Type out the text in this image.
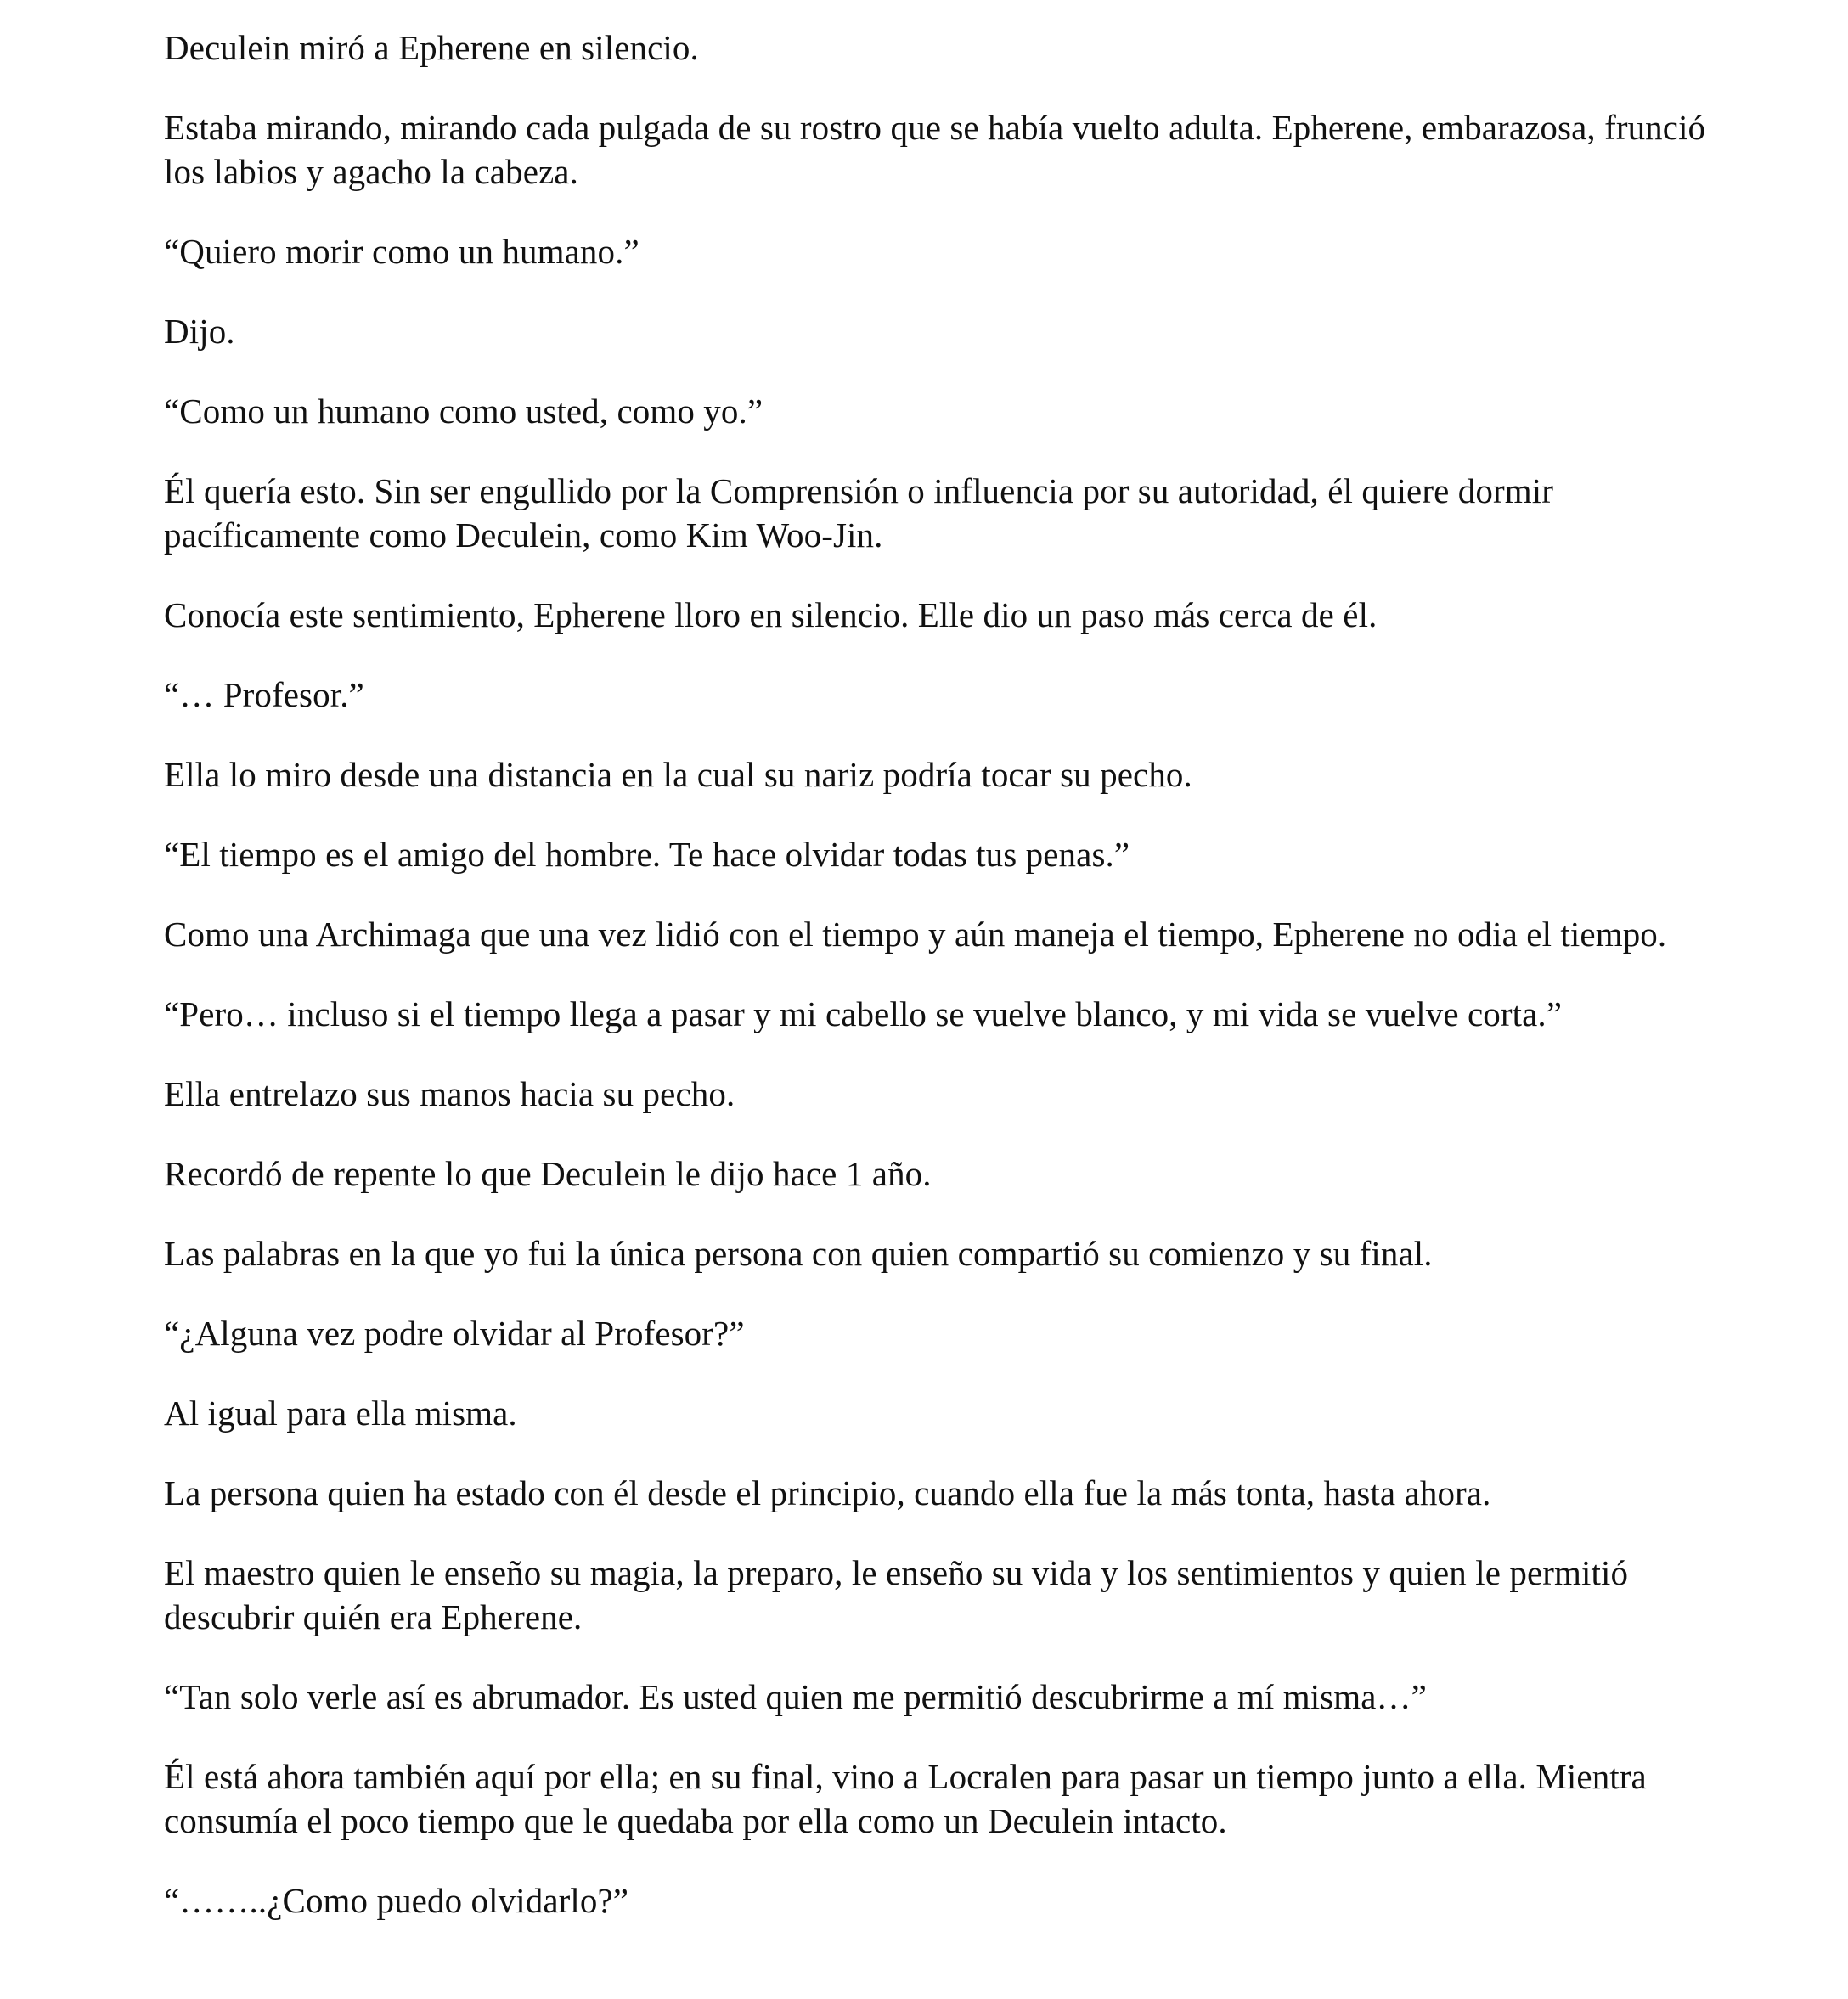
Deculein miró a Epherene en silencio.

Estaba mirando, mirando cada pulgada de su rostro que se había vuelto adulta. Epherene, embarazosa, frunció los labios y agacho la cabeza.

“Quiero morir como un humano.”

Dijo.

“Como un humano como usted, como yo.”

Él quería esto. Sin ser engullido por la Comprensión o influencia por su autoridad, él quiere dormir pacíficamente como Deculein, como Kim Woo-Jin.

Conocía este sentimiento, Epherene lloro en silencio. Elle dio un paso más cerca de él.

“… Profesor.”

Ella lo miro desde una distancia en la cual su nariz podría tocar su pecho.

“El tiempo es el amigo del hombre. Te hace olvidar todas tus penas.”

Como una Archimaga que una vez lidió con el tiempo y aún maneja el tiempo, Epherene no odia el tiempo.

“Pero… incluso si el tiempo llega a pasar y mi cabello se vuelve blanco, y mi vida se vuelve corta.”

Ella entrelazo sus manos hacia su pecho.

Recordó de repente lo que Deculein le dijo hace 1 año.

Las palabras en la que yo fui la única persona con quien compartió su comienzo y su final.

“¿Alguna vez podre olvidar al Profesor?”

Al igual para ella misma.

La persona quien ha estado con él desde el principio, cuando ella fue la más tonta, hasta ahora.

El maestro quien le enseño su magia, la preparo, le enseño su vida y los sentimientos y quien le permitió descubrir quién era Epherene.

“Tan solo verle así es abrumador. Es usted quien me permitió descubrirme a mí misma…”

Él está ahora también aquí por ella; en su final, vino a Locralen para pasar un tiempo junto a ella. Mientra consumía el poco tiempo que le quedaba por ella como un Deculein intacto.

“……..¿Como puedo olvidarlo?”
